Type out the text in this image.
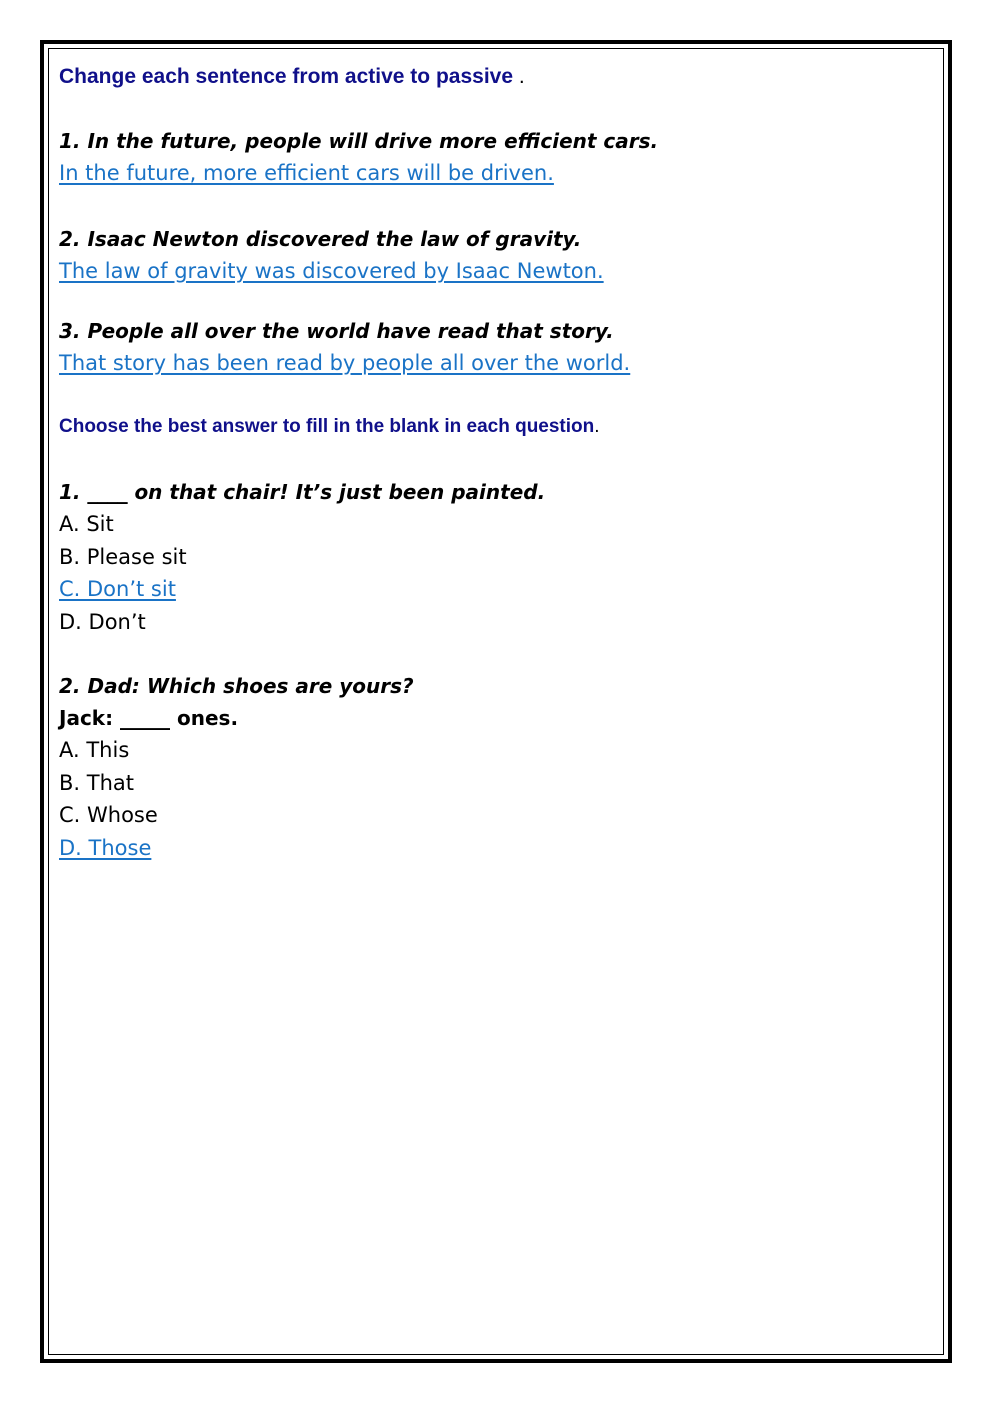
Change each sentence from active to passive .

1. In the future, people will drive more efficient cars.

In the future, more efficient cars will be driven.

2. Isaac Newton discovered the law of gravity.

The law of gravity was discovered by Isaac Newton.

3. People all over the world have read that story.

That story has been read by people all over the world.

Choose the best answer to fill in the blank in each question.

1. ____ on that chair! It’s just been painted.

A. Sit

B. Please sit

C. Don’t sit

D. Don’t

2. Dad: Which shoes are yours?

Jack: _____ ones.

A. This

B. That

C. Whose

D. Those
